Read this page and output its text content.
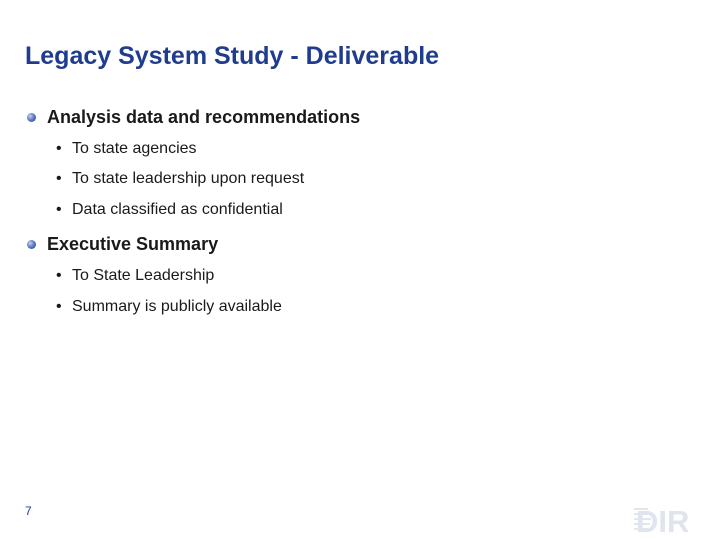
Legacy System Study - Deliverable
Analysis data and recommendations
• To state agencies
• To state leadership upon request
• Data classified as confidential
Executive Summary
• To State Leadership
• Summary is publicly available
7	DIR
